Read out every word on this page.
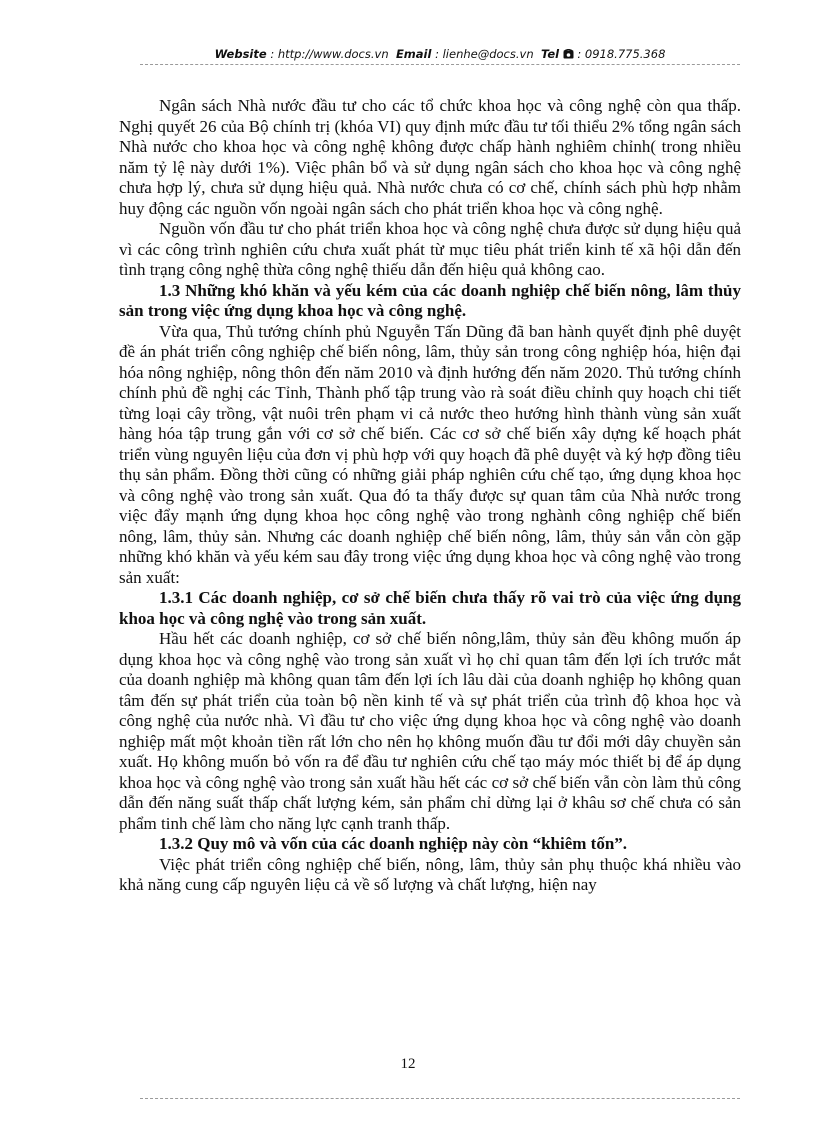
Website : http://www.docs.vn Email : lienhe@docs.vn Tel : 0918.775.368

Ngân sách Nhà nước đầu tư cho các tổ chức khoa học và công nghệ còn qua thấp. Nghị quyết 26 của Bộ chính trị (khóa VI) quy định mức đầu tư tối thiểu 2% tổng ngân sách Nhà nước cho khoa học và công nghệ không được chấp hành nghiêm chỉnh( trong nhiều năm tỷ lệ này dưới 1%). Việc phân bổ và sử dụng ngân sách cho khoa học và công nghệ chưa hợp lý, chưa sử dụng hiệu quả. Nhà nước chưa có cơ chế, chính sách phù hợp nhằm huy động các nguồn vốn ngoài ngân sách cho phát triển khoa học và công nghệ.

Nguồn vốn đầu tư cho phát triển khoa học và công nghệ chưa được sử dụng hiệu quả vì các công trình nghiên cứu chưa xuất phát từ mục tiêu phát triển kinh tế xã hội dẫn đến tình trạng công nghệ thừa công nghệ thiếu dẫn đến hiệu quả không cao.

1.3 Những khó khăn và yếu kém của các doanh nghiệp chế biến nông, lâm thủy sản trong việc ứng dụng khoa học và công nghệ.

Vừa qua, Thủ tướng chính phủ Nguyễn Tấn Dũng đã ban hành quyết định phê duyệt đề án phát triển công nghiệp chế biến nông, lâm, thủy sản trong công nghiệp hóa, hiện đại hóa nông nghiệp, nông thôn đến năm 2010 và định hướng đến năm 2020. Thủ tướng chính chính phủ đề nghị các Tỉnh, Thành phố tập trung vào rà soát điều chỉnh quy hoạch chi tiết từng loại cây trồng, vật nuôi trên phạm vi cả nước theo hướng hình thành vùng sản xuất hàng hóa tập trung gắn với cơ sở chế biến. Các cơ sở chế biến xây dựng kế hoạch phát triển vùng nguyên liệu của đơn vị phù hợp với quy hoạch đã phê duyệt và ký hợp đồng tiêu thụ sản phẩm. Đồng thời cũng có những giải pháp nghiên cứu chế tạo, ứng dụng khoa học và công nghệ vào trong sản xuất. Qua đó ta thấy được sự quan tâm của Nhà nước trong việc đẩy mạnh ứng dụng khoa học công nghệ vào trong nghành công nghiệp chế biến nông, lâm, thủy sản. Nhưng các doanh nghiệp chế biến nông, lâm, thủy sản vẫn còn gặp những khó khăn và yếu kém sau đây trong việc ứng dụng khoa học và công nghệ vào trong sản xuất:

1.3.1 Các doanh nghiệp, cơ sở chế biến chưa thấy rõ vai trò của việc ứng dụng khoa học và công nghệ vào trong sản xuất.

Hầu hết các doanh nghiệp, cơ sở chế biến nông,lâm, thủy sản đều không muốn áp dụng khoa học và công nghệ vào trong sản xuất vì họ chỉ quan tâm đến lợi ích trước mắt của doanh nghiệp mà không quan tâm đến lợi ích lâu dài của doanh nghiệp họ không quan tâm đến sự phát triển của toàn bộ nền kinh tế và sự phát triển của trình độ khoa học và công nghệ của nước nhà. Vì đầu tư cho việc ứng dụng khoa học và công nghệ vào doanh nghiệp mất một khoản tiền rất lớn cho nên họ không muốn đầu tư đổi mới dây chuyền sản xuất. Họ không muốn bỏ vốn ra để đầu tư nghiên cứu chế tạo máy móc thiết bị để áp dụng khoa học và công nghệ vào trong sản xuất hầu hết các cơ sở chế biến vẫn còn làm thủ công dẫn đến năng suất thấp chất lượng kém, sản phẩm chỉ dừng lại ở khâu sơ chế chưa có sản phẩm tinh chế làm cho năng lực cạnh tranh thấp.

1.3.2 Quy mô và vốn của các doanh nghiệp này còn “khiêm tốn”.

Việc phát triển công nghiệp chế biến, nông, lâm, thủy sản phụ thuộc khá nhiều vào khả năng cung cấp nguyên liệu cả về số lượng và chất lượng, hiện nay

12
